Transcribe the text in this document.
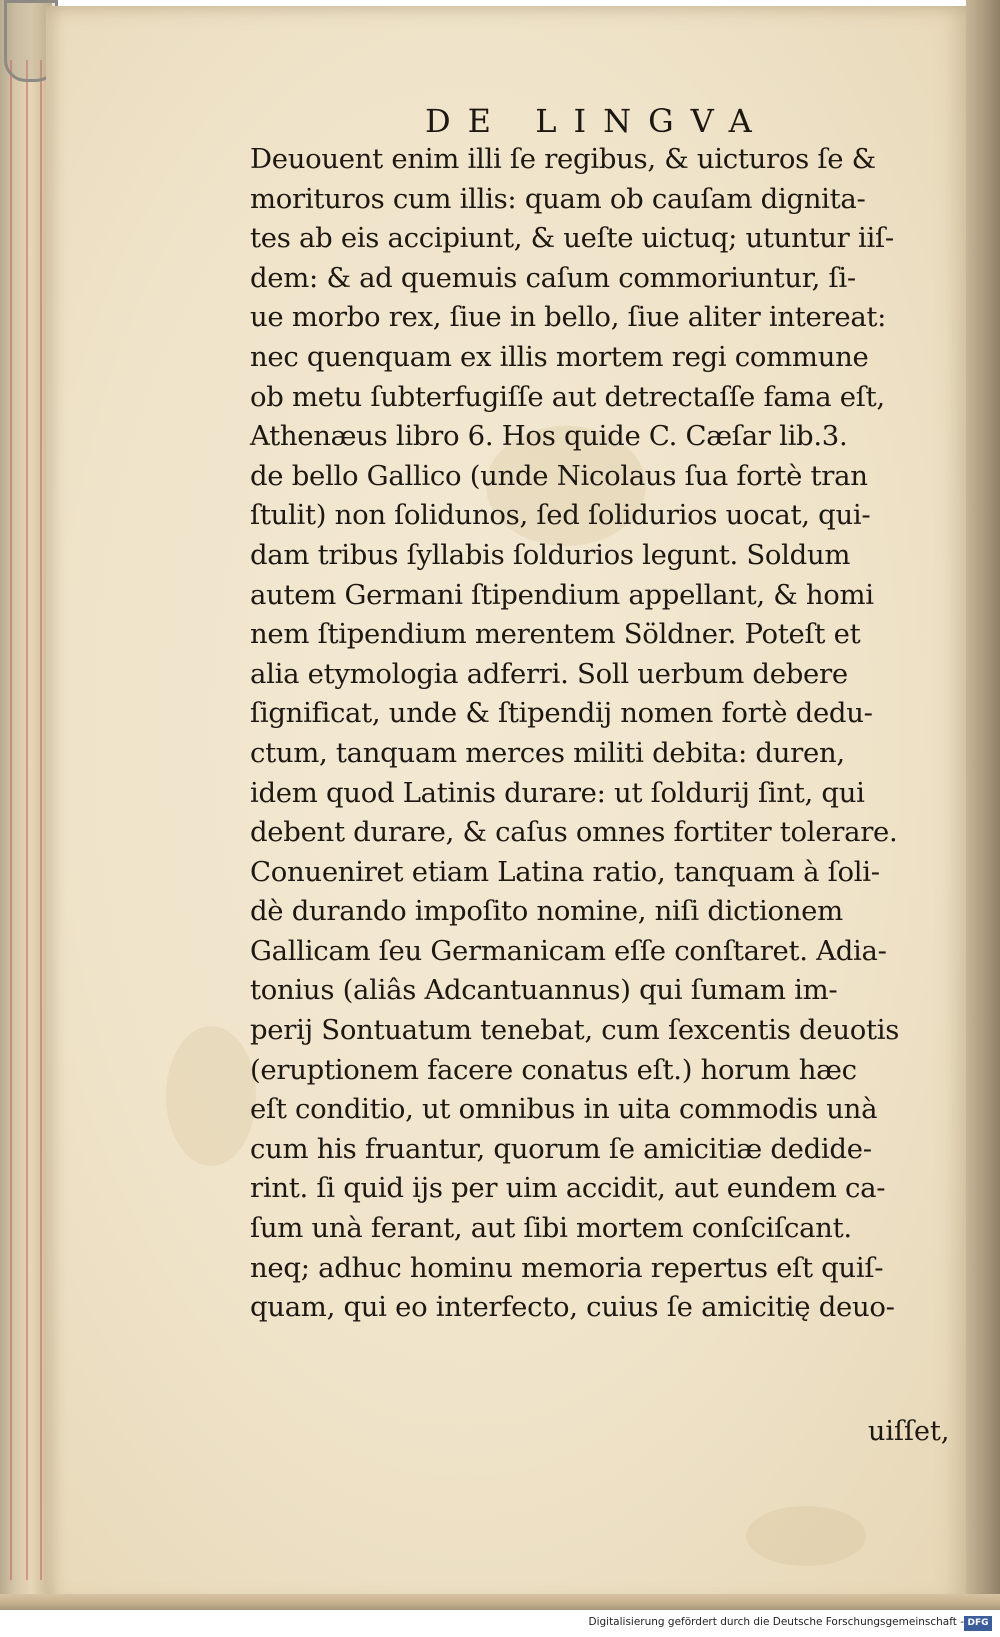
DE LINGVA
Deuouent enim illi ſe regibus, & uicturos ſe &
morituros cum illis: quam ob cauſam dignita-
tes ab eis accipiunt, & ueſte uictuq; utuntur iiſ-
dem: & ad quemuis caſum commoriuntur, ſi-
ue morbo rex, ſiue in bello, ſiue aliter intereat:
nec quenquam ex illis mortem regi commune
ob metu ſubterfugiſſe aut detrectaſſe fama eſt,
Athenæus libro 6. Hos quide C. Cæſar lib.3.
de bello Gallico (unde Nicolaus ſua fortè tran
ſtulit) non ſolidunos, ſed ſolidurios uocat, qui-
dam tribus ſyllabis ſoldurios legunt. Soldum
autem Germani ſtipendium appellant, & homi
nem ſtipendium merentem Söldner. Poteſt et
alia etymologia adferri. Soll uerbum debere
ſignificat, unde & ſtipendij nomen fortè dedu-
ctum, tanquam merces militi debita: duren,
idem quod Latinis durare: ut ſoldurij ſint, qui
debent durare, & caſus omnes fortiter tolerare.
Conueniret etiam Latina ratio, tanquam à ſoli-
dè durando impoſito nomine, niſi dictionem
Gallicam ſeu Germanicam eſſe conſtaret. Adia-
tonius (aliâs Adcantuannus) qui ſumam im-
perij Sontuatum tenebat, cum ſexcentis deuotis
(eruptionem facere conatus eſt.) horum hæc
eſt conditio, ut omnibus in uita commodis unà
cum his fruantur, quorum ſe amicitiæ dedide-
rint. ſi quid ijs per uim accidit, aut eundem ca-
ſum unà ferant, aut ſibi mortem conſciſcant.
neq; adhuc hominu memoria repertus eſt quiſ-
quam, qui eo interfecto, cuius ſe amicitię deuo-
uiſſet,
Digitalisierung gefördert durch die Deutsche Forschungsgemeinschaft - DFG
